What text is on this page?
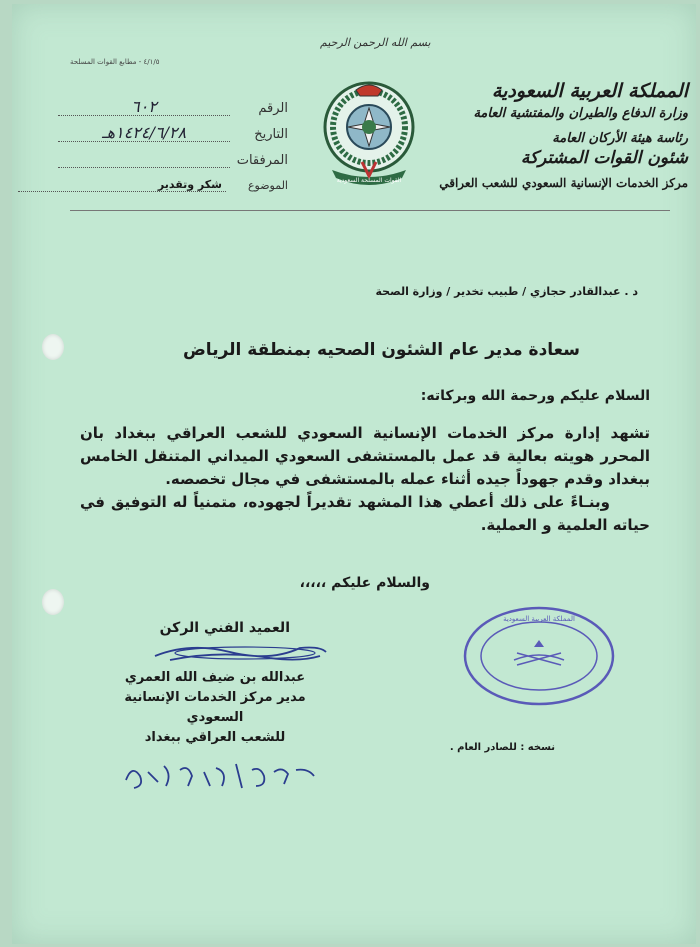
بسم الله الرحمن الرحيم
٤/١/٥ - مطابع القوات المسلحة
المملكة العربية السعودية
وزارة الدفاع والطيران والمفتشية العامة
رئاسة هيئة الأركان العامة
شئون القوات المشتركة
مركز الخدمات الإنسانية السعودي للشعب العراقي
القوات المسلحة السعودية
الرقم
٦٠٢
التاريخ
١٤٢٤/٦/٢٨هـ
المرفقات
الموضوع
شكر وتقدير
د . عبدالقادر حجازي / طبيب تخدير / وزارة الصحة
سعادة مدير عام الشئون الصحيه بمنطقة الرياض
السلام عليكم ورحمة الله وبركاته:

تشهد إدارة مركز الخدمات الإنسانية السعودي للشعب العراقي ببغداد بان المحرر هويته بعالية قد عمل بالمستشفى السعودي الميداني المتنقل الخامس ببغداد وقدم جهوداً جيده أثناء عمله بالمستشفى في مجال تخصصه.

وبنـاءً على ذلك أعطي هذا المشهد تقديراً لجهوده، متمنياً له التوفيق في حياته العلمية و العملية.

والسلام عليكم ،،،،،
العميد الفني الركن
عبدالله بن ضيف الله العمري
مدير مركز الخدمات الإنسانية السعودي
للشعب العراقي ببغداد
المملكة العربية السعودية
نسخه : للصادر العام .
